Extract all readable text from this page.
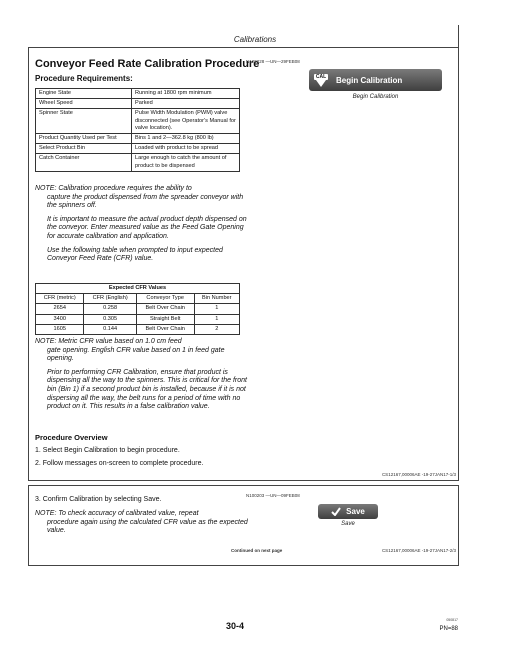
Calibrations
Conveyor Feed Rate Calibration Procedure
N120228 —UN—29FEB08
Procedure Requirements:
Engine State	Running at 1800 rpm minimum
Wheel Speed	Parked
Spinner State	Pulse Width Modulation (PWM) valve disconnected (see Operator's Manual for valve location).
Product Quantity Used per Test	Bins 1 and 2—362.8 kg (800 lb)
Select Product Bin	Loaded with product to be spread
Catch Container	Large enough to catch the amount of product to be dispensed
CAL Begin Calibration
Begin Calibration
NOTE: Calibration procedure requires the ability to
capture the product dispensed from the spreader conveyor with the spinners off.
It is important to measure the actual product depth dispensed on the conveyor. Enter measured value as the Feed Gate Opening for accurate calibration and application.
Use the following table when prompted to input expected Conveyor Feed Rate (CFR) value.
Expected CFR Values			
CFR (metric)	CFR (English)	Conveyor Type	Bin Number
2654	0.258	Belt Over Chain	1
3400	0.305	Straight Belt	1
1605	0.144	Belt Over Chain	2
NOTE: Metric CFR value based on 1.0 cm feed
gate opening. English CFR value based on 1 in feed gate opening.
Prior to performing CFR Calibration, ensure that product is dispensing all the way to the spinners. This is critical for the front bin (Bin 1) if a second product bin is installed, because if it is not dispersing all the way, the belt runs for a period of time with no product on it. This results in a false calibration value.
Procedure Overview
1. Select Begin Calibration to begin procedure.
2. Follow messages on-screen to complete procedure.
CS12167,00006AE -19-27JAN17-1/3
3. Confirm Calibration by selecting Save.
N100203 —UN—09FEB08
Save
Save
NOTE: To check accuracy of calibrated value, repeat
procedure again using the calculated CFR value as the expected value.
Continued on next page	CS12167,00006AE -19-27JAN17-2/3
30-4
050817
PN=88
